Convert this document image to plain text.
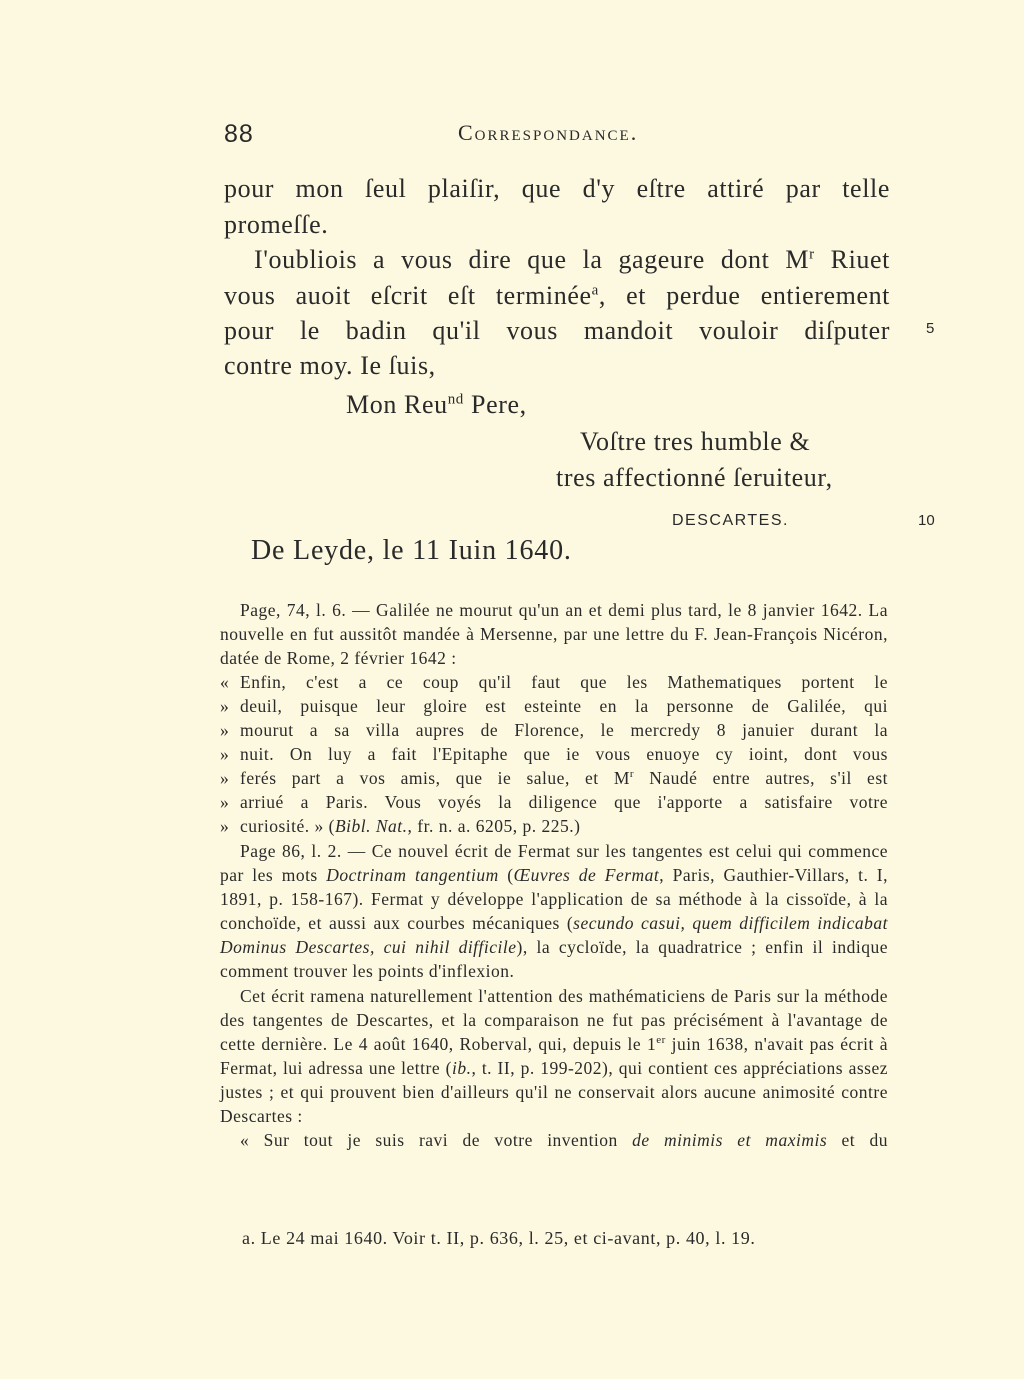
88	Correspondance.
pour mon ſeul plaiſir, que d'y eſtre attiré par telle
promeſſe.
I'oubliois a vous dire que la gageure dont $M^r$ Riuet
vous auoit eſcrit eſt terminée$^a$, et perdue entierement
pour le badin qu'il vous mandoit vouloir diſputer
contre moy. Ie ſuis,
Mon Reu$^{nd}$ Pere,
Voſtre tres humble &
tres affectionné ſeruiteur,
DESCARTES.
De Leyde, le 11 Iuin 1640.
5
10

Page, 74, l. 6. — Galilée ne mourut qu'un an et demi plus tard, le 8 janvier 1642. La nouvelle en fut aussitôt mandée à Mersenne, par une lettre du F. Jean-François Nicéron, datée de Rome, 2 février 1642 :

« Enfin, c'est a ce coup qu'il faut que les Mathematiques portent le
» deuil, puisque leur gloire est esteinte en la personne de Galilée, qui
» mourut a sa villa aupres de Florence, le mercredy 8 januier durant la
» nuit. On luy a fait l'Epitaphe que ie vous enuoye cy ioint, dont vous
» ferés part a vos amis, que ie salue, et $M^r$ Naudé entre autres, s'il est
» arriué a Paris. Vous voyés la diligence que i'apporte a satisfaire votre
» curiosité. » (Bibl. Nat., fr. n. a. 6205, p. 225.)

Page 86, l. 2. — Ce nouvel écrit de Fermat sur les tangentes est celui qui commence par les mots Doctrinam tangentium (Œuvres de Fermat, Paris, Gauthier-Villars, t. I, 1891, p. 158-167). Fermat y développe l'application de sa méthode à la cissoïde, à la conchoïde, et aussi aux courbes mécaniques (secundo casui, quem difficilem indicabat Dominus Descartes, cui nihil difficile), la cycloïde, la quadratrice ; enfin il indique comment trouver les points d'inflexion.

Cet écrit ramena naturellement l'attention des mathématiciens de Paris sur la méthode des tangentes de Descartes, et la comparaison ne fut pas précisément à l'avantage de cette dernière. Le 4 août 1640, Roberval, qui, depuis le 1er juin 1638, n'avait pas écrit à Fermat, lui adressa une lettre (ib., t. II, p. 199-202), qui contient ces appréciations assez justes ; et qui prouvent bien d'ailleurs qu'il ne conservait alors aucune animosité contre Descartes :

« Sur tout je suis ravi de votre invention de minimis et maximis et du

a. Le 24 mai 1640. Voir t. II, p. 636, l. 25, et ci-avant, p. 40, l. 19.
